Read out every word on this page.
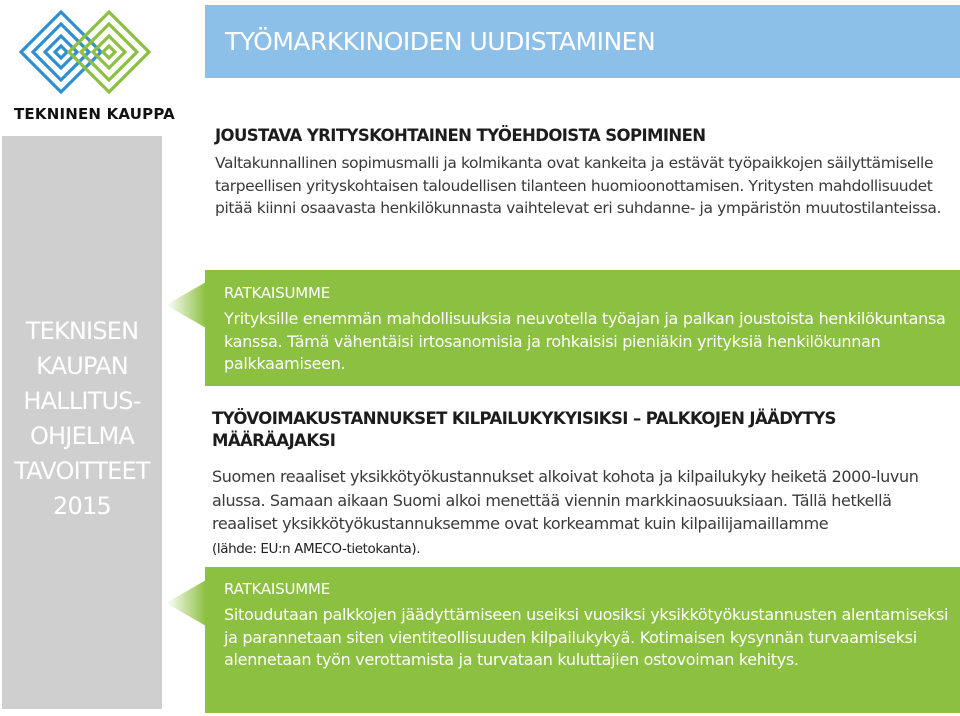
TEKNINEN KAUPPA
TYÖMARKKINOIDEN UUDISTAMINEN
TEKNISEN
KAUPAN
HALLITUS-
OHJELMA
TAVOITTEET
2015
JOUSTAVA YRITYSKOHTAINEN TYÖEHDOISTA SOPIMINEN
Valtakunnallinen sopimusmalli ja kolmikanta ovat kankeita ja estävät työpaikkojen säilyttämiselle tarpeellisen yrityskohtaisen taloudellisen tilanteen huomioonottamisen. Yritysten mahdollisuudet pitää kiinni osaavasta henkilökunnasta vaihtelevat eri suhdanne- ja ympäristön muutostilanteissa.
RATKAISUMME
Yrityksille enemmän mahdollisuuksia neuvotella työajan ja palkan joustoista henkilökuntansa kanssa. Tämä vähentäisi irtosanomisia ja rohkaisisi pieniäkin yrityksiä henkilökunnan palkkaamiseen.
TYÖVOIMAKUSTANNUKSET KILPAILUKYKYISIKSI – PALKKOJEN JÄÄDYTYS MÄÄRÄAJAKSI
Suomen reaaliset yksikkötyökustannukset alkoivat kohota ja kilpailukyky heiketä 2000-luvun alussa. Samaan aikaan Suomi alkoi menettää viennin markkinaosuuksiaan. Tällä hetkellä reaaliset yksikkötyökustannuksemme ovat korkeammat kuin kilpailijamaillamme
(lähde: EU:n AMECO-tietokanta).
RATKAISUMME
Sitoudutaan palkkojen jäädyttämiseen useiksi vuosiksi yksikkötyökustannusten alentamiseksi ja parannetaan siten vientiteollisuuden kilpailukykyä. Kotimaisen kysynnän turvaamiseksi alennetaan työn verottamista ja turvataan kuluttajien ostovoiman kehitys.
